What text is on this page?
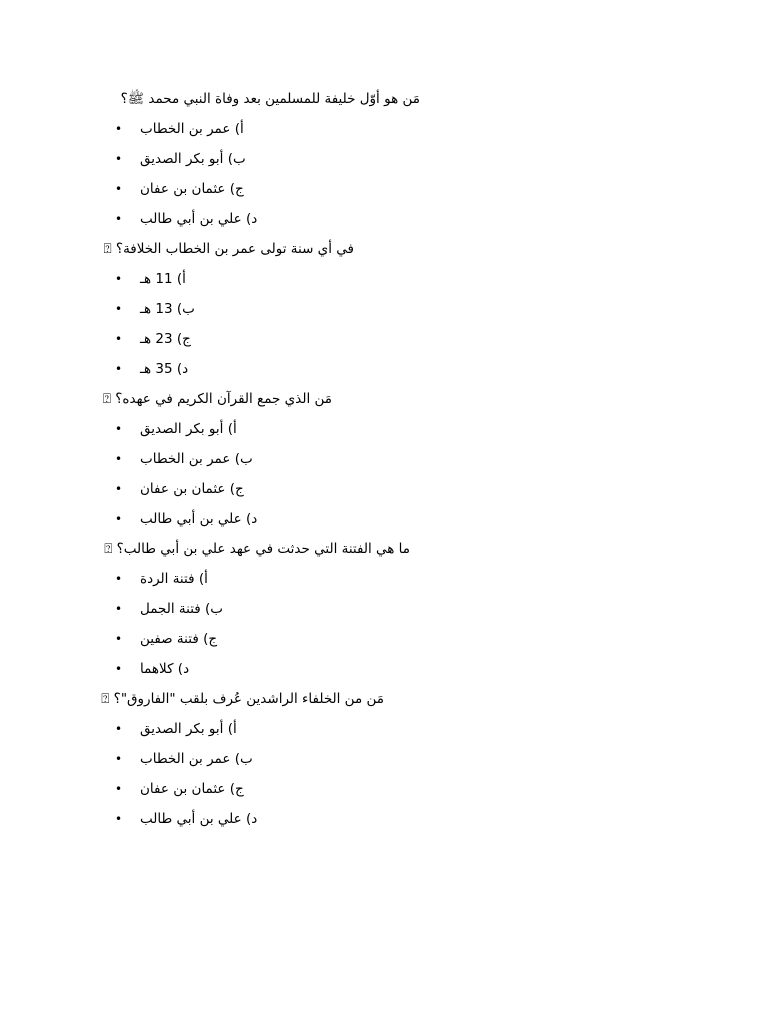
مَن هو أوّل خليفة للمسلمين بعد وفاة النبي محمد ﷺ؟
• أ) عمر بن الخطاب
• ب) أبو بكر الصديق
• ج) عثمان بن عفان
• د) علي بن أبي طالب
في أي سنة تولى عمر بن الخطاب الخلافة؟ ⍰
• أ) 11 هـ
• ب) 13 هـ
• ج) 23 هـ
• د) 35 هـ
مَن الذي جمع القرآن الكريم في عهده؟ ⍰
• أ) أبو بكر الصديق
• ب) عمر بن الخطاب
• ج) عثمان بن عفان
• د) علي بن أبي طالب
ما هي الفتنة التي حدثت في عهد علي بن أبي طالب؟ ⍰
• أ) فتنة الردة
• ب) فتنة الجمل
• ج) فتنة صفين
• د) كلاهما
مَن من الخلفاء الراشدين عُرف بلقب "الفاروق"؟ ⍰
• أ) أبو بكر الصديق
• ب) عمر بن الخطاب
• ج) عثمان بن عفان
• د) علي بن أبي طالب
